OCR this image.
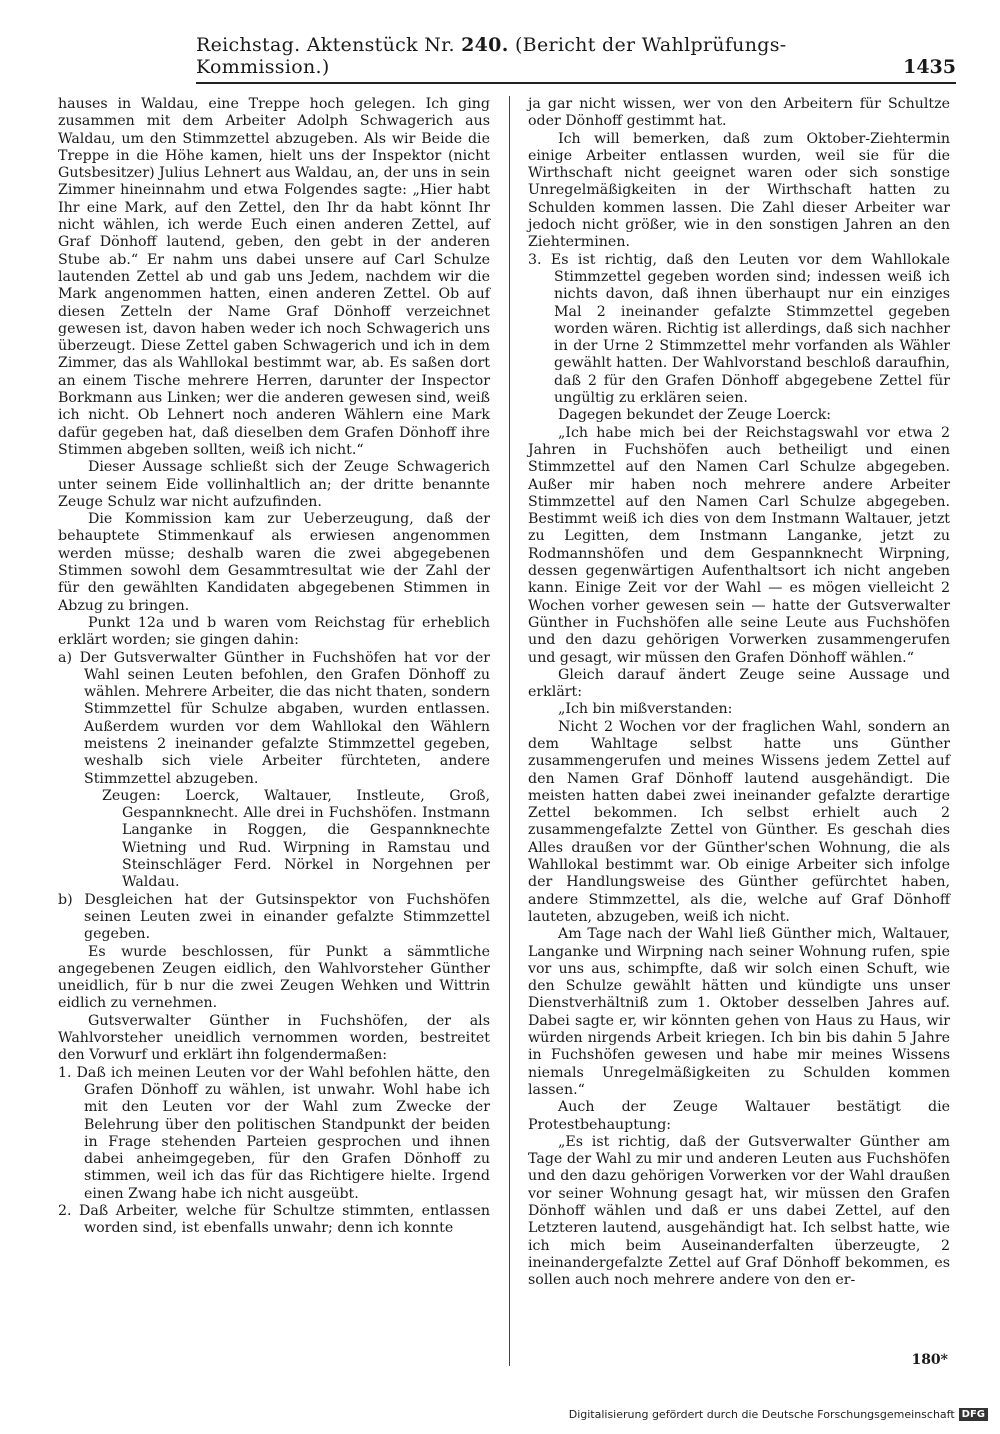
Reichstag. Aktenstück Nr. 240. (Bericht der Wahlprüfungs-Kommission.)	1435

hauses in Waldau, eine Treppe hoch gelegen. Ich ging zusammen mit dem Arbeiter Adolph Schwagerich aus Waldau, um den Stimmzettel abzugeben. Als wir Beide die Treppe in die Höhe kamen, hielt uns der Inspektor (nicht Gutsbesitzer) Julius Lehnert aus Waldau, an, der uns in sein Zimmer hineinnahm und etwa Folgendes sagte: „Hier habt Ihr eine Mark, auf den Zettel, den Ihr da habt könnt Ihr nicht wählen, ich werde Euch einen anderen Zettel, auf Graf Dönhoff lautend, geben, den gebt in der anderen Stube ab.“ Er nahm uns dabei unsere auf Carl Schulze lautenden Zettel ab und gab uns Jedem, nachdem wir die Mark angenommen hatten, einen anderen Zettel. Ob auf diesen Zetteln der Name Graf Dönhoff verzeichnet gewesen ist, davon haben weder ich noch Schwagerich uns überzeugt. Diese Zettel gaben Schwagerich und ich in dem Zimmer, das als Wahllokal bestimmt war, ab. Es saßen dort an einem Tische mehrere Herren, darunter der Inspector Borkmann aus Linken; wer die anderen gewesen sind, weiß ich nicht. Ob Lehnert noch anderen Wählern eine Mark dafür gegeben hat, daß dieselben dem Grafen Dönhoff ihre Stimmen abgeben sollten, weiß ich nicht.“

Dieser Aussage schließt sich der Zeuge Schwagerich unter seinem Eide vollinhaltlich an; der dritte benannte Zeuge Schulz war nicht aufzufinden.

Die Kommission kam zur Ueberzeugung, daß der behauptete Stimmenkauf als erwiesen angenommen werden müsse; deshalb waren die zwei abgegebenen Stimmen sowohl dem Gesammtresultat wie der Zahl der für den gewählten Kandidaten abgegebenen Stimmen in Abzug zu bringen.

Punkt 12a und b waren vom Reichstag für erheblich erklärt worden; sie gingen dahin:

a) Der Gutsverwalter Günther in Fuchshöfen hat vor der Wahl seinen Leuten befohlen, den Grafen Dönhoff zu wählen. Mehrere Arbeiter, die das nicht thaten, sondern Stimmzettel für Schulze abgaben, wurden entlassen. Außerdem wurden vor dem Wahllokal den Wählern meistens 2 ineinander gefalzte Stimmzettel gegeben, weshalb sich viele Arbeiter fürchteten, andere Stimmzettel abzugeben.

Zeugen: Loerck, Waltauer, Instleute, Groß, Gespannknecht. Alle drei in Fuchshöfen. Instmann Langanke in Roggen, die Gespannknechte Wietning und Rud. Wirpning in Ramstau und Steinschläger Ferd. Nörkel in Norgehnen per Waldau.

b) Desgleichen hat der Gutsinspektor von Fuchshöfen seinen Leuten zwei in einander gefalzte Stimmzettel gegeben.

Es wurde beschlossen, für Punkt a sämmtliche angegebenen Zeugen eidlich, den Wahlvorsteher Günther uneidlich, für b nur die zwei Zeugen Wehken und Wittrin eidlich zu vernehmen.

Gutsverwalter Günther in Fuchshöfen, der als Wahlvorsteher uneidlich vernommen worden, bestreitet den Vorwurf und erklärt ihn folgendermaßen:

1. Daß ich meinen Leuten vor der Wahl befohlen hätte, den Grafen Dönhoff zu wählen, ist unwahr. Wohl habe ich mit den Leuten vor der Wahl zum Zwecke der Belehrung über den politischen Standpunkt der beiden in Frage stehenden Parteien gesprochen und ihnen dabei anheimgegeben, für den Grafen Dönhoff zu stimmen, weil ich das für das Richtigere hielte. Irgend einen Zwang habe ich nicht ausgeübt.

2. Daß Arbeiter, welche für Schultze stimmten, entlassen worden sind, ist ebenfalls unwahr; denn ich konnte

ja gar nicht wissen, wer von den Arbeitern für Schultze oder Dönhoff gestimmt hat.

Ich will bemerken, daß zum Oktober-Ziehtermin einige Arbeiter entlassen wurden, weil sie für die Wirthschaft nicht geeignet waren oder sich sonstige Unregelmäßigkeiten in der Wirthschaft hatten zu Schulden kommen lassen. Die Zahl dieser Arbeiter war jedoch nicht größer, wie in den sonstigen Jahren an den Ziehterminen.

3. Es ist richtig, daß den Leuten vor dem Wahllokale Stimmzettel gegeben worden sind; indessen weiß ich nichts davon, daß ihnen überhaupt nur ein einziges Mal 2 ineinander gefalzte Stimmzettel gegeben worden wären. Richtig ist allerdings, daß sich nachher in der Urne 2 Stimmzettel mehr vorfanden als Wähler gewählt hatten. Der Wahlvorstand beschloß daraufhin, daß 2 für den Grafen Dönhoff abgegebene Zettel für ungültig zu erklären seien.

Dagegen bekundet der Zeuge Loerck:

„Ich habe mich bei der Reichstagswahl vor etwa 2 Jahren in Fuchshöfen auch betheiligt und einen Stimmzettel auf den Namen Carl Schulze abgegeben. Außer mir haben noch mehrere andere Arbeiter Stimmzettel auf den Namen Carl Schulze abgegeben. Bestimmt weiß ich dies von dem Instmann Waltauer, jetzt zu Legitten, dem Instmann Langanke, jetzt zu Rodmannshöfen und dem Gespannknecht Wirpning, dessen gegenwärtigen Aufenthaltsort ich nicht angeben kann. Einige Zeit vor der Wahl — es mögen vielleicht 2 Wochen vorher gewesen sein — hatte der Gutsverwalter Günther in Fuchshöfen alle seine Leute aus Fuchshöfen und den dazu gehörigen Vorwerken zusammengerufen und gesagt, wir müssen den Grafen Dönhoff wählen.“

Gleich darauf ändert Zeuge seine Aussage und erklärt:

„Ich bin mißverstanden:

Nicht 2 Wochen vor der fraglichen Wahl, sondern an dem Wahltage selbst hatte uns Günther zusammengerufen und meines Wissens jedem Zettel auf den Namen Graf Dönhoff lautend ausgehändigt. Die meisten hatten dabei zwei ineinander gefalzte derartige Zettel bekommen. Ich selbst erhielt auch 2 zusammengefalzte Zettel von Günther. Es geschah dies Alles draußen vor der Günther'schen Wohnung, die als Wahllokal bestimmt war. Ob einige Arbeiter sich infolge der Handlungsweise des Günther gefürchtet haben, andere Stimmzettel, als die, welche auf Graf Dönhoff lauteten, abzugeben, weiß ich nicht.

Am Tage nach der Wahl ließ Günther mich, Waltauer, Langanke und Wirpning nach seiner Wohnung rufen, spie vor uns aus, schimpfte, daß wir solch einen Schuft, wie den Schulze gewählt hätten und kündigte uns unser Dienstverhältniß zum 1. Oktober desselben Jahres auf. Dabei sagte er, wir könnten gehen von Haus zu Haus, wir würden nirgends Arbeit kriegen. Ich bin bis dahin 5 Jahre in Fuchshöfen gewesen und habe mir meines Wissens niemals Unregelmäßigkeiten zu Schulden kommen lassen.“

Auch der Zeuge Waltauer bestätigt die Protestbehauptung:

„Es ist richtig, daß der Gutsverwalter Günther am Tage der Wahl zu mir und anderen Leuten aus Fuchshöfen und den dazu gehörigen Vorwerken vor der Wahl draußen vor seiner Wohnung gesagt hat, wir müssen den Grafen Dönhoff wählen und daß er uns dabei Zettel, auf den Letzteren lautend, ausgehändigt hat. Ich selbst hatte, wie ich mich beim Auseinanderfalten überzeugte, 2 ineinandergefalzte Zettel auf Graf Dönhoff bekommen, es sollen auch noch mehrere andere von den er-

180*
Digitalisierung gefördert durch die Deutsche Forschungsgemeinschaft DFG
